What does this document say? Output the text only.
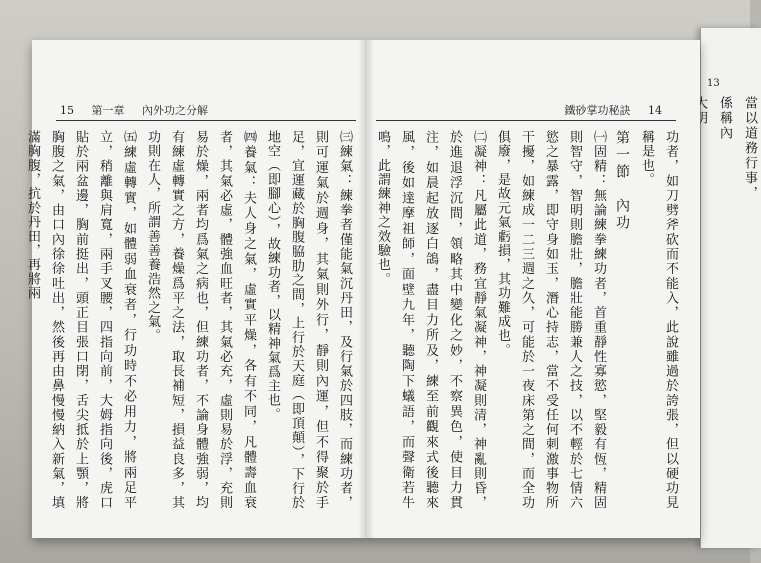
13
當以道務行事，
係稱內
15 第一章 內外功之分解

㈢練氣：練拳者僅能氣沉丹田，及行氣於四肢，而練功者，則可運氣於週身，其氣則外行，靜則內運，但不得聚於手足，宜運藏於胸腹脇肋之間，上行於天庭（即頂顛），下行於地空（即腳心），故練功者，以精神氣爲主也。

㈣養氣：夫人身之氣，虛實平燥，各有不同，凡體壽血衰者，其氣必虛，體強血旺者，其氣必充，虛則易於浮，充則易於燥，兩者均爲氣之病也，但練功者，不論身體強弱，均有練虛轉實之方，養燥爲平之法，取長補短，損益良多，其功則在人，所謂善善養浩然之氣。

㈤練虛轉實，如體弱血衰者，行功時不必用力，將兩足平立，稍離與肩寬，兩手叉腰，四指向前，大姆指向後，虎口貼於兩盆邊，胸前挺出，頭正目張口閉，舌尖抵於上顎，將胸腹之氣，由口內徐徐吐出，然後再由鼻慢慢納入新氣，填滿胸腹，抗於丹田，再將兩

鐵砂掌功秘訣 14

功者，如刀劈斧砍而不能入，此說雖過於誇張，但以硬功見稱是也。

第一節　內功

㈠固精：無論練拳練功者，首重靜性寡慾，堅毅有恆，精固則智守，智明則膽壯，膽壯能勝兼人之技，以不輕於七情六慾之暴露，即守身如玉，潛心持志，當不受任何刺激事物所干擾，如練成一二三週之久，可能於一夜床第之間，而全功俱廢，是故元氣虧損，其功難成也。

㈡凝神：凡屬此道，務宜靜氣凝神，神凝則清，神亂則昏，於進退浮沉間，領略其中變化之妙，不察異色，使目力貫注，如晨起放逐白鴿，盡目力所及，練至前觀來式後聽來風，後如達摩祖師，面壁九年，聽陶下蟻語，而聲衛若牛鳴，此謂練神之效驗也。
